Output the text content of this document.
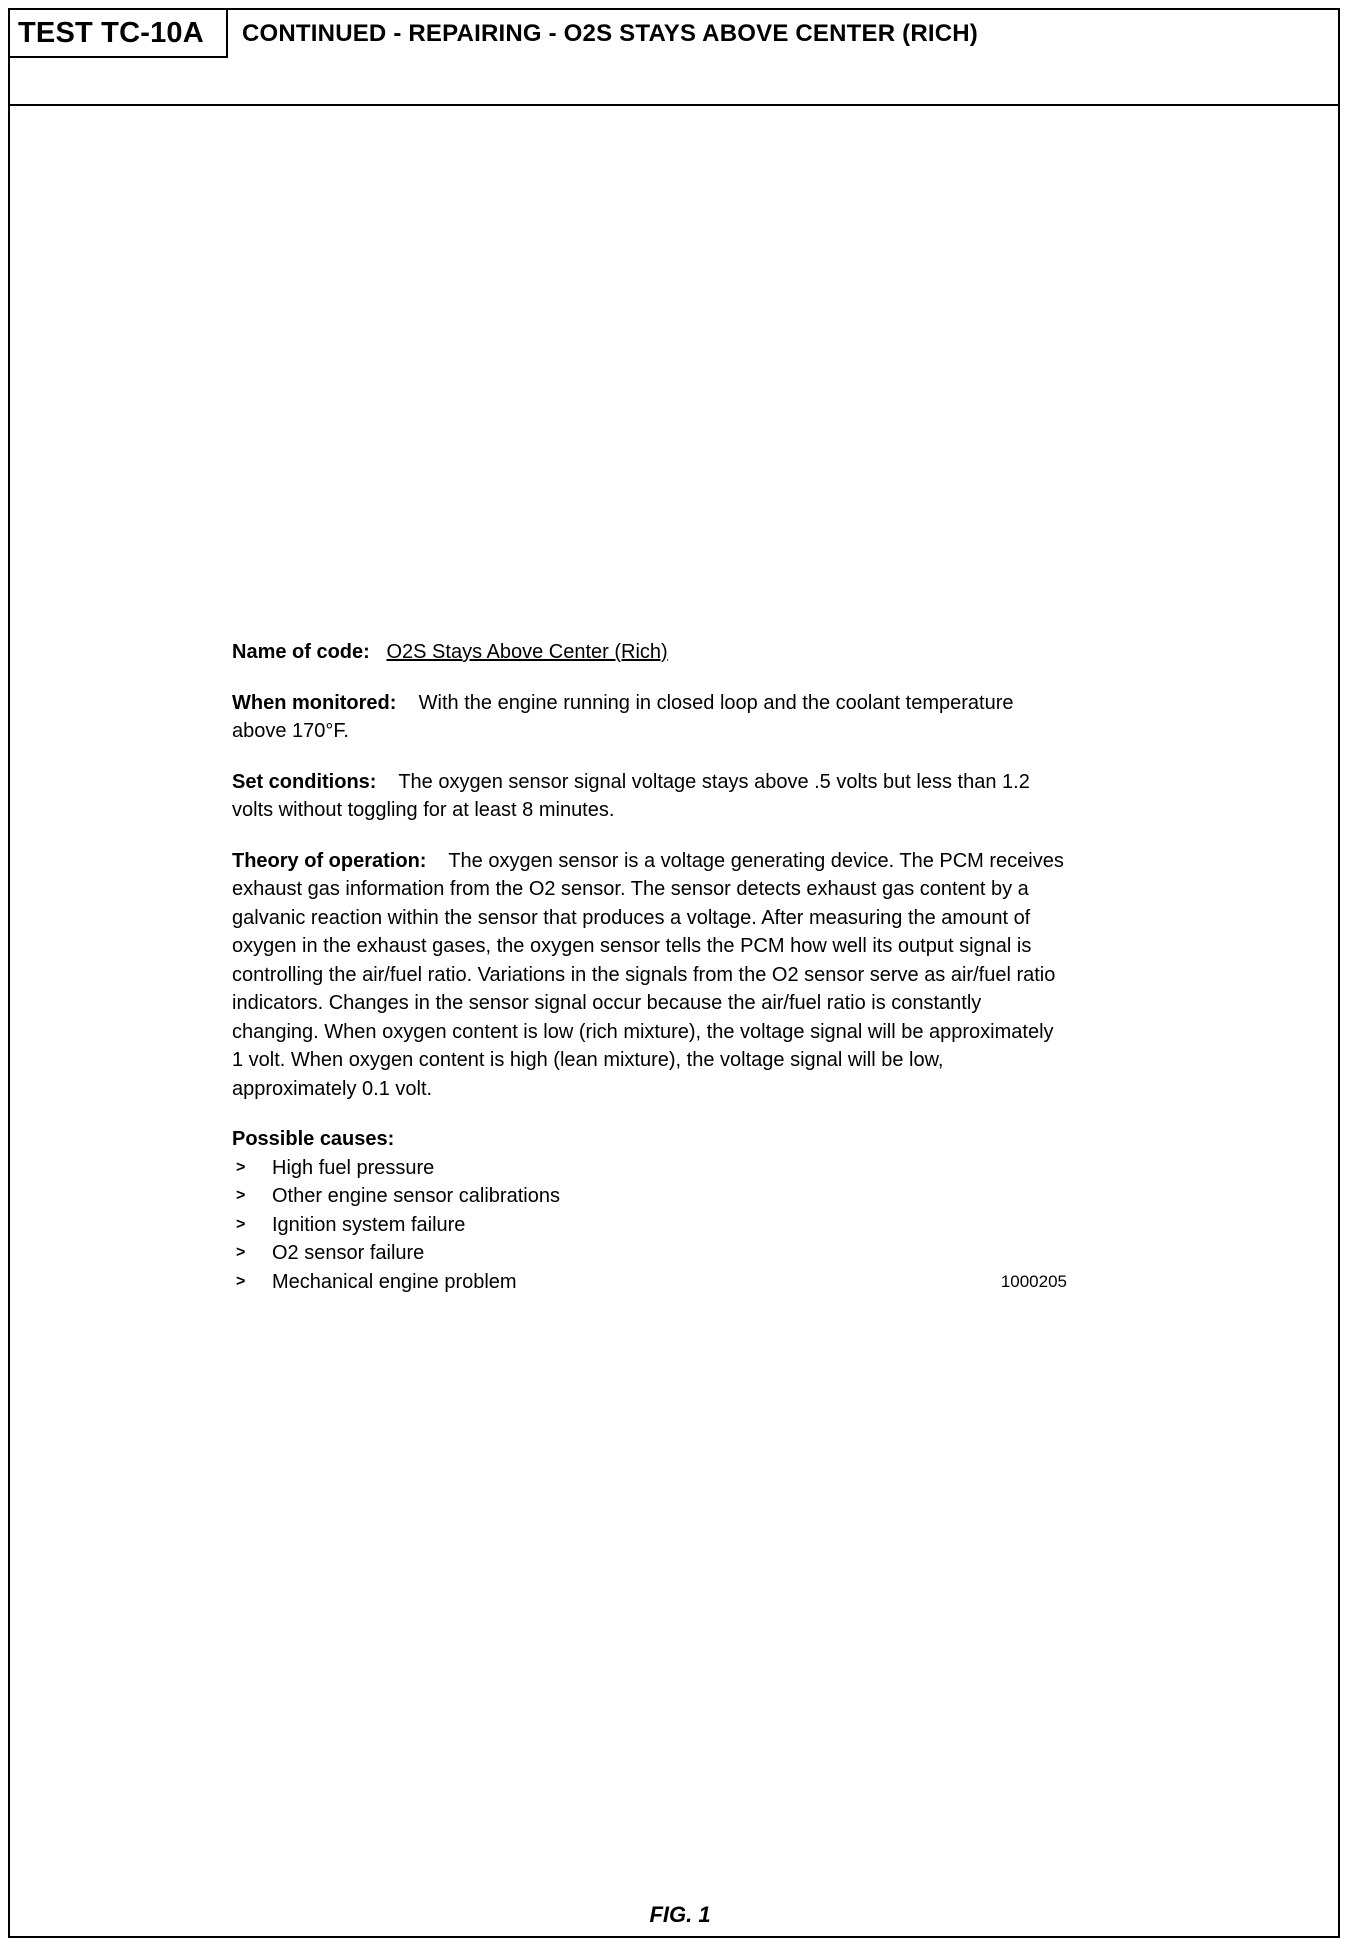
TEST TC-10A	CONTINUED - REPAIRING - O2S STAYS ABOVE CENTER (RICH)

Name of code: O2S Stays Above Center (Rich)

When monitored: With the engine running in closed loop and the coolant temperature above 170°F.

Set conditions: The oxygen sensor signal voltage stays above .5 volts but less than 1.2 volts without toggling for at least 8 minutes.

Theory of operation: The oxygen sensor is a voltage generating device. The PCM receives exhaust gas information from the O2 sensor. The sensor detects exhaust gas content by a galvanic reaction within the sensor that produces a voltage. After measuring the amount of oxygen in the exhaust gases, the oxygen sensor tells the PCM how well its output signal is controlling the air/fuel ratio. Variations in the signals from the O2 sensor serve as air/fuel ratio indicators. Changes in the sensor signal occur because the air/fuel ratio is constantly changing. When oxygen content is low (rich mixture), the voltage signal will be approximately 1 volt. When oxygen content is high (lean mixture), the voltage signal will be low, approximately 0.1 volt.

Possible causes:

> High fuel pressure
> Other engine sensor calibrations
> Ignition system failure
> O2 sensor failure
> Mechanical engine problem	1000205
FIG. 1
